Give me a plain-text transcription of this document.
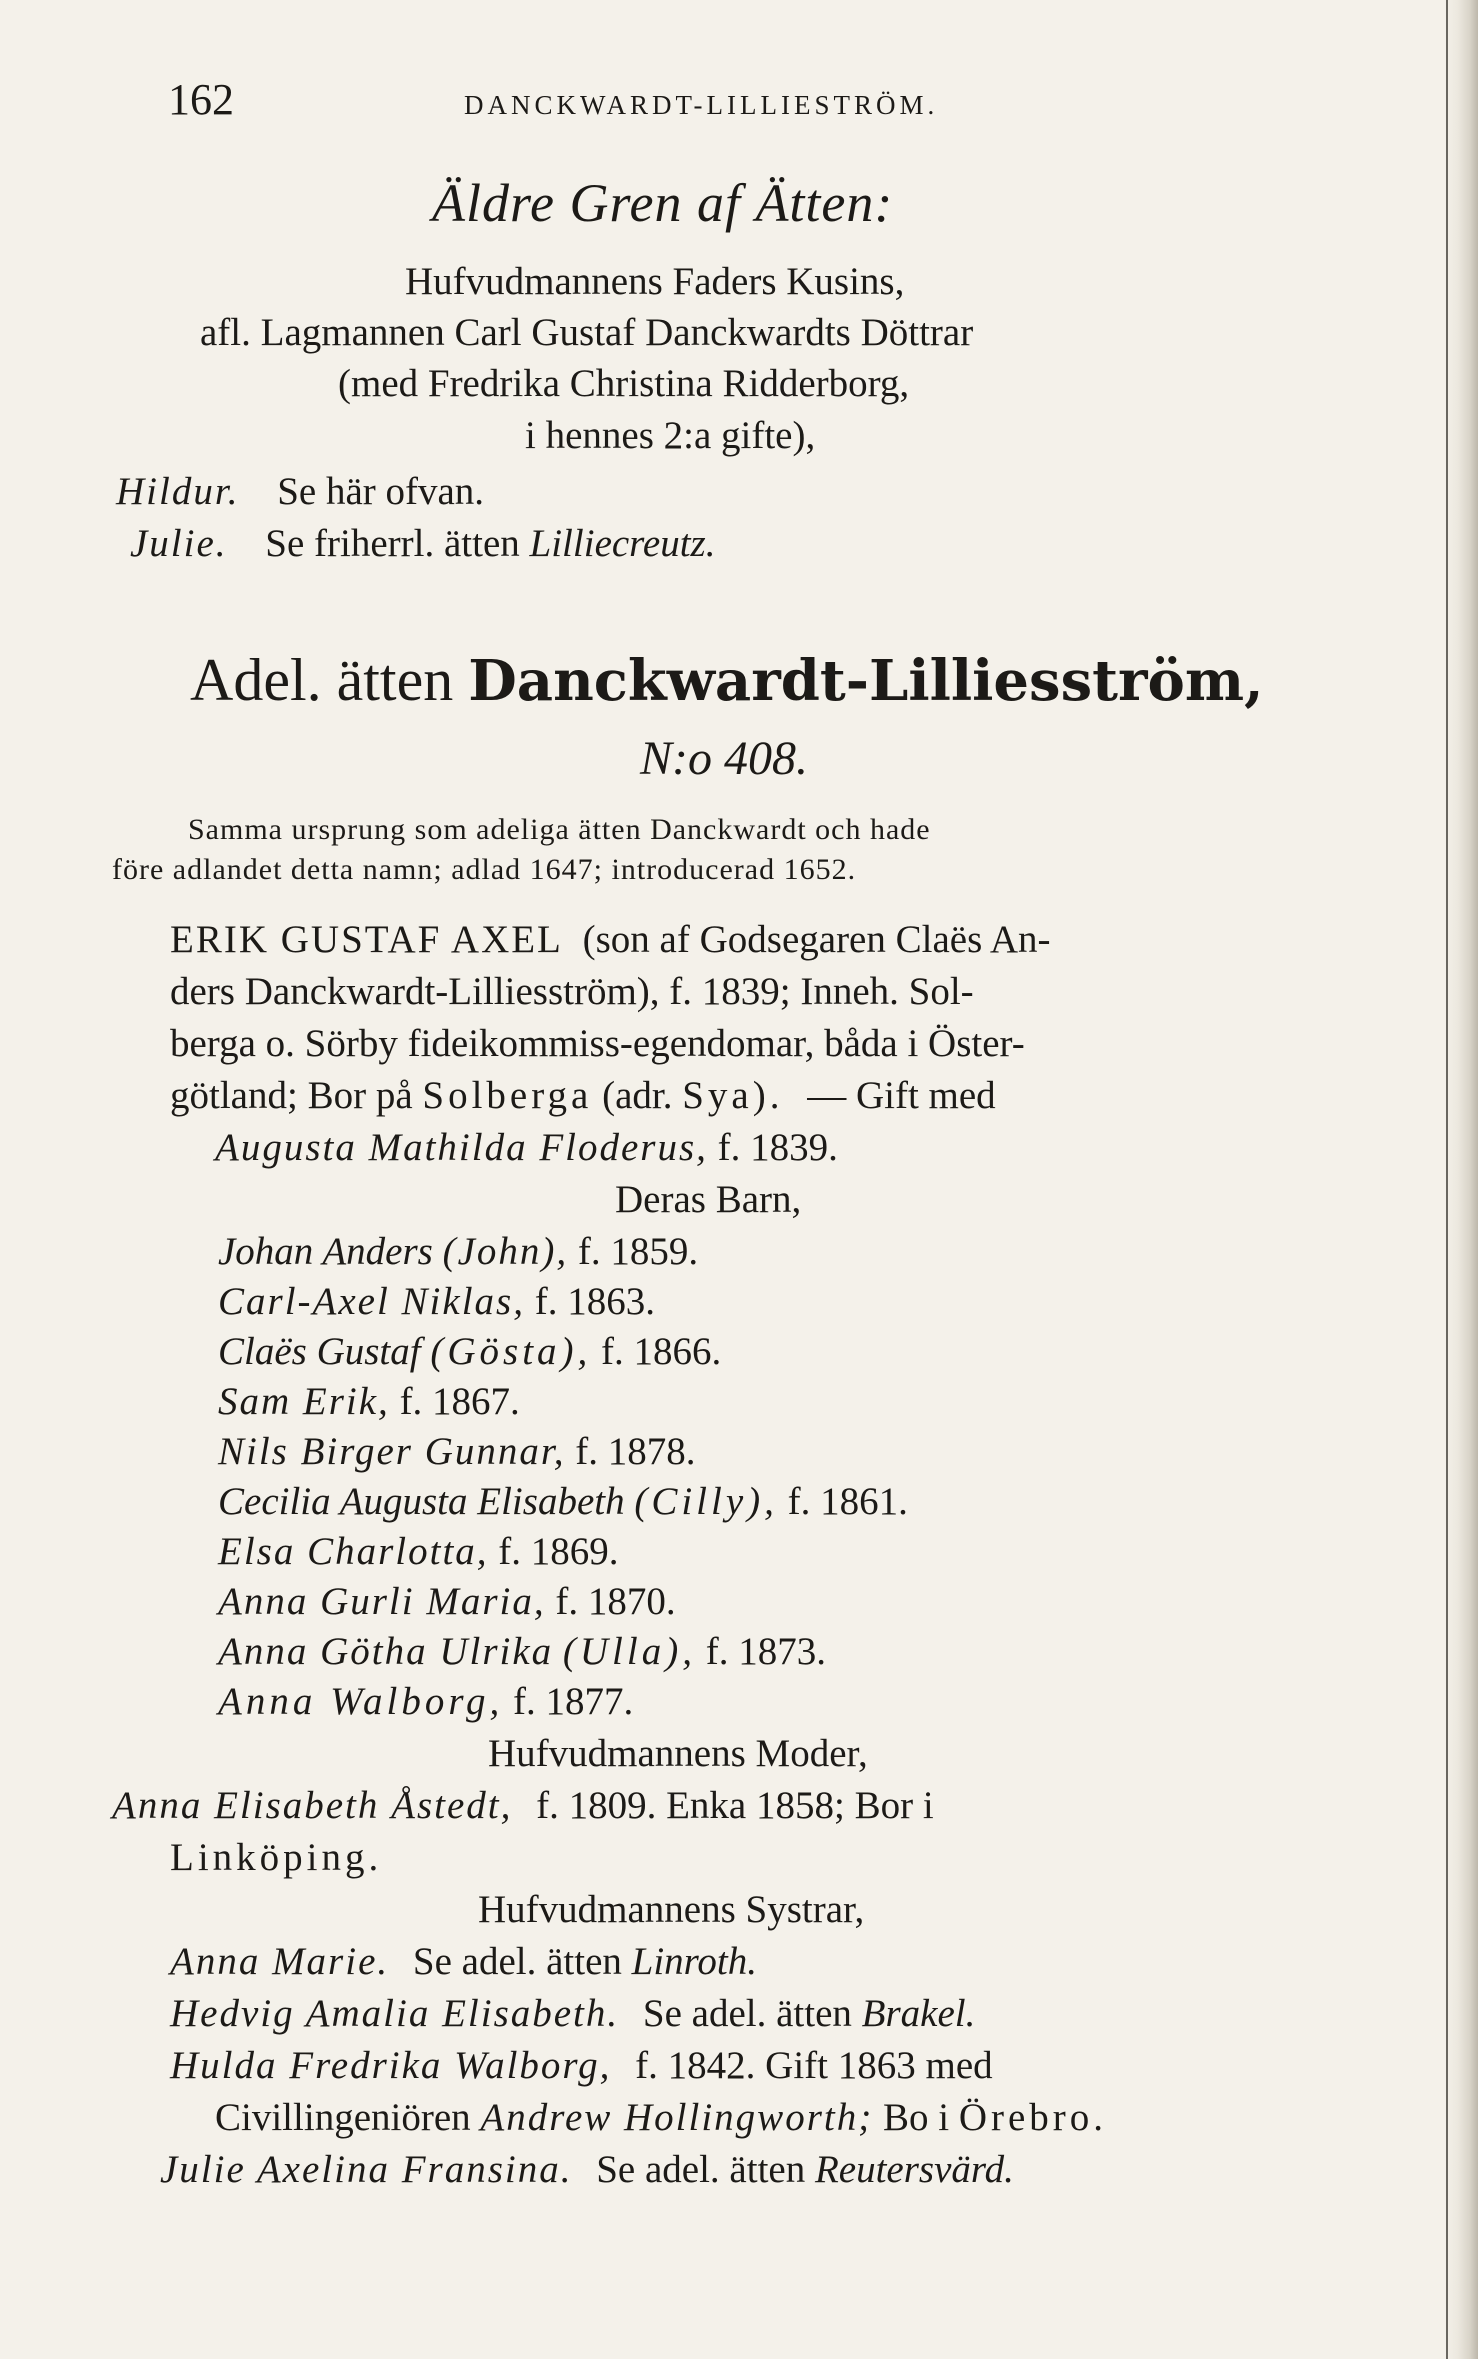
162	DANCKWARDT-LILLIESTRÖM.
Äldre Gren af Ätten:
Hufvudmannens Faders Kusins,
afl. Lagmannen Carl Gustaf Danckwardts Döttrar
(med Fredrika Christina Ridderborg,
i hennes 2:a gifte),
Hildur. Se här ofvan.
Julie. Se friherrl. ätten Lilliecreutz.
Adel. ätten Danckwardt-Lilliesström,
N:o 408.
Samma ursprung som adeliga ätten Danckwardt och hade
före adlandet detta namn; adlad 1647; introducerad 1652.
ERIK GUSTAF AXEL (son af Godsegaren Claës An-
ders Danckwardt-Lilliesström), f. 1839; Inneh. Sol-
berga o. Sörby fideikommiss-egendomar, båda i Öster-
götland; Bor på Solberga (adr. Sya). — Gift med
Augusta Mathilda Floderus, f. 1839.
Deras Barn,
Johan Anders (John), f. 1859.
Carl-Axel Niklas, f. 1863.
Claës Gustaf (Gösta), f. 1866.
Sam Erik, f. 1867.
Nils Birger Gunnar, f. 1878.
Cecilia Augusta Elisabeth (Cilly), f. 1861.
Elsa Charlotta, f. 1869.
Anna Gurli Maria, f. 1870.
Anna Götha Ulrika (Ulla), f. 1873.
Anna Walborg, f. 1877.
Hufvudmannens Moder,
Anna Elisabeth Åstedt, f. 1809. Enka 1858; Bor i
Linköping.
Hufvudmannens Systrar,
Anna Marie. Se adel. ätten Linroth.
Hedvig Amalia Elisabeth. Se adel. ätten Brakel.
Hulda Fredrika Walborg, f. 1842. Gift 1863 med
Civillingeniören Andrew Hollingworth; Bo i Örebro.
Julie Axelina Fransina. Se adel. ätten Reutersvärd.
